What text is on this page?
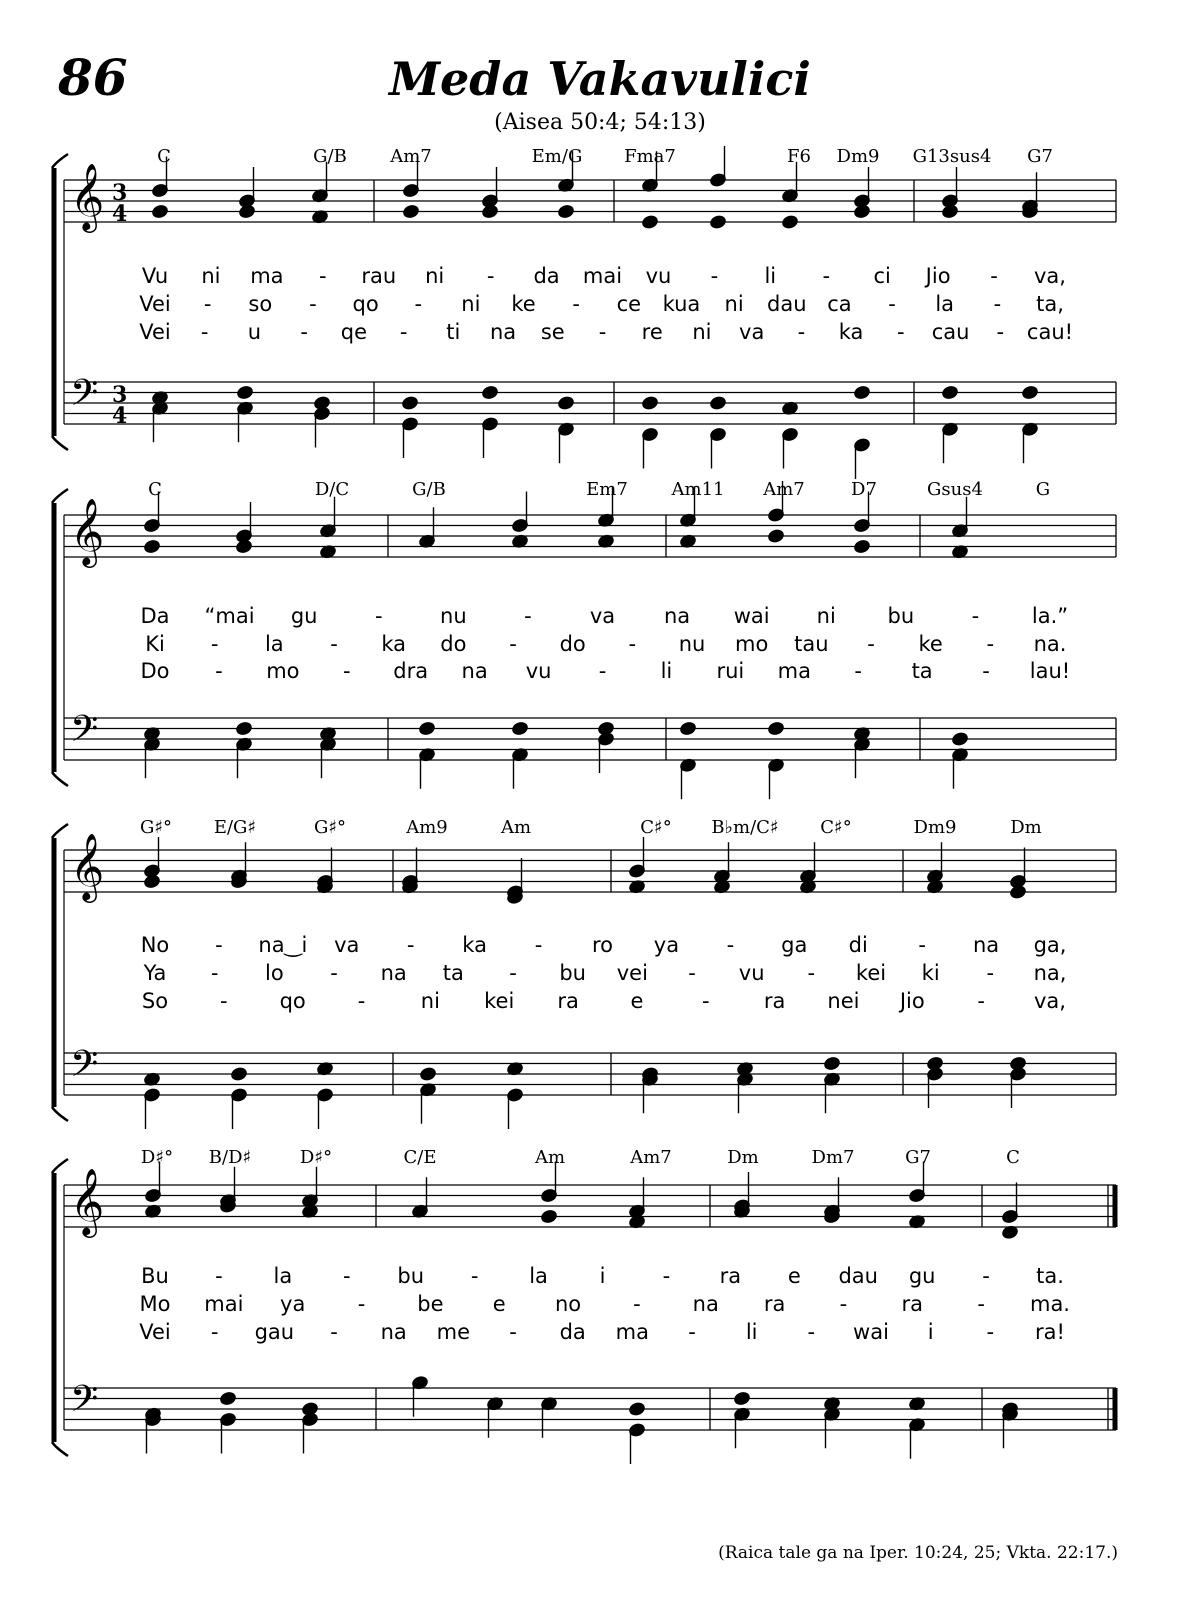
86	Meda Vakavulici
(Aisea 50:4; 54:13)
(Raica tale ga na Iper. 10:24, 25; Vkta. 22:17.)
𝄞
𝄢
3
4
3
4
C	G/B Am7	Em/G Fma7	F6 Dm9 G13sus4 G7
Vu ni ma - rau ni - da mai vu - li - ci Jio - va,
Vei - so - qo - ni ke - ce kua ni dau ca - la - ta,
Vei - u - qe - ti na se - re ni va - ka - cau - cau!
𝄞
𝄢
C	D/C	G/B	Em7 Am11 Am7	D7	Gsus4	G
Da “mai gu	-	nu	-	va na wai ni bu	-	la.”
Ki - la - ka do - do - nu mo tau - ke - na.
Do - mo - dra na vu -	li rui ma - ta - lau!
𝄞
𝄢
G♯° E/G♯	G♯°	Am9	Am	C♯° B♭m/C♯ C♯°	Dm9	Dm
No - na‿i va - ka - ro ya - ga di - na ga,
Ya - lo - na ta - bu vei - vu - kei ki - na,
So - qo -	ni kei ra e	-	ra nei Jio	- va,
𝄞
𝄢
D♯° B/D♯	D♯°	C/E	Am	Am7	Dm	Dm7	G7	C
Bu - la - bu - la i	- ra e dau gu - ta.
Mo mai ya - be e no - na ra	-	ra	- ma.
Vei - gau - na me - da ma - li - wai i	- ra!
